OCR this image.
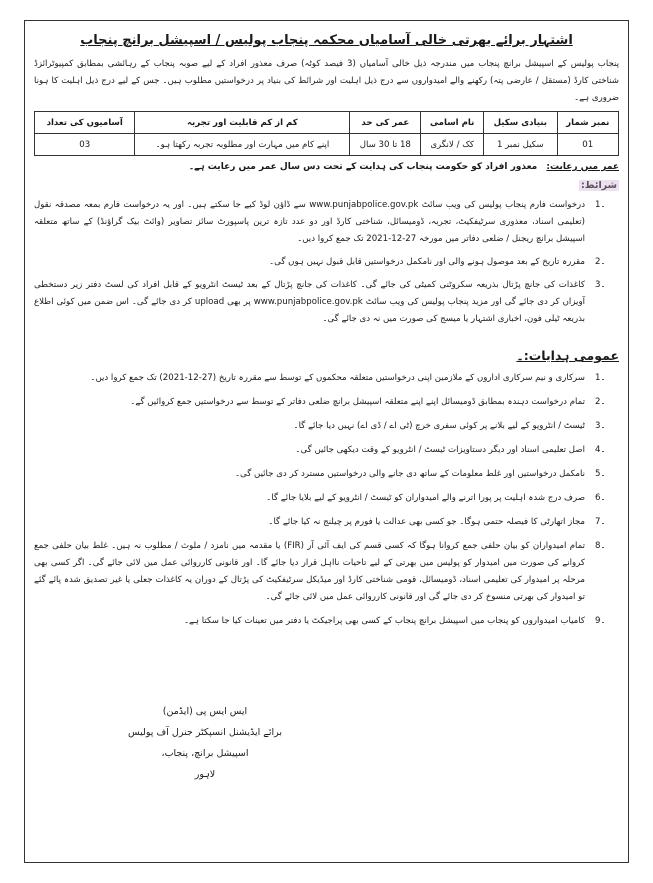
اشتہار برائے بھرتی خالی آسامیاں محکمہ پنجاب پولیس / اسپیشل برانچ پنجاب
پنجاب پولیس کے اسپیشل برانچ پنجاب میں مندرجہ ذیل خالی آسامیاں (3 فیصد کوٹہ) صرف معذور افراد کے لیے صوبہ پنجاب کے رہائشی بمطابق کمپیوٹرائزڈ شناختی کارڈ (مستقل / عارضی پتہ) رکھنے والے امیدواروں سے درج ذیل اہلیت اور شرائط کی بنیاد پر درخواستیں مطلوب ہیں۔ جس کے لیے درج ذیل اہلیت کا ہونا ضروری ہے۔
نمبر شمار	بنیادی سکیل	نام اسامی	عمر کی حد	کم از کم قابلیت اور تجربہ	آسامیوں کی تعداد
01	سکیل نمبر 1	کک / لانگری	18 تا 30 سال	اپنے کام میں مہارت اور مطلوبہ تجربہ رکھتا ہو۔	03
عمر میں رعایت: معذور افراد کو حکومت پنجاب کی ہدایت کے تحت دس سال عمر میں رعایت ہے۔
شرائط:
1۔
درخواست فارم پنجاب پولیس کی ویب سائٹ www.punjabpolice.gov.pk سے ڈاؤن لوڈ کیے جا سکتے ہیں۔ اور یہ درخواست فارم بمعہ مصدقہ نقول (تعلیمی اسناد، معذوری سرٹیفکیٹ، تجربہ، ڈومیسائل، شناختی کارڈ اور دو عدد تازہ ترین پاسپورٹ سائز تصاویر (وائٹ بیک گراؤنڈ) کے ساتھ متعلقہ اسپیشل برانچ ریجنل / ضلعی دفاتر میں مورخہ 27-12-2021 تک جمع کروا دیں۔
2۔
مقررہ تاریخ کے بعد موصول ہونے والی اور نامکمل درخواستیں قابل قبول نہیں ہوں گی۔
3۔
کاغذات کی جانچ پڑتال بذریعہ سکروٹنی کمیٹی کی جائے گی۔ کاغذات کی جانچ پڑتال کے بعد ٹیسٹ انٹرویو کے قابل افراد کی لسٹ دفتر زیر دستخطی آویزاں کر دی جائے گی اور مزید پنجاب پولیس کی ویب سائٹ www.punjabpolice.gov.pk پر بھی upload کر دی جائے گی۔ اس ضمن میں کوئی اطلاع بذریعہ ٹیلی فون، اخباری اشتہار یا میسج کی صورت میں نہ دی جائے گی۔
عمومی ہدایات:۔
1۔
سرکاری و نیم سرکاری اداروں کے ملازمین اپنی درخواستیں متعلقہ محکموں کے توسط سے مقررہ تاریخ (27-12-2021) تک جمع کروا دیں۔
2۔
تمام درخواست دہندہ بمطابق ڈومیسائل اپنے اپنے متعلقہ اسپیشل برانچ ضلعی دفاتر کے توسط سے درخواستیں جمع کروائیں گے۔
3۔
ٹیسٹ / انٹرویو کے لیے بلانے پر کوئی سفری خرچ (ٹی اے / ڈی اے) نہیں دیا جائے گا۔
4۔
اصل تعلیمی اسناد اور دیگر دستاویزات ٹیسٹ / انٹرویو کے وقت دیکھی جائیں گی۔
5۔
نامکمل درخواستیں اور غلط معلومات کے ساتھ دی جانے والی درخواستیں مسترد کر دی جائیں گی۔
6۔
صرف درج شدہ اہلیت پر پورا اترنے والے امیدواران کو ٹیسٹ / انٹرویو کے لیے بلایا جائے گا۔
7۔
مجاز اتھارٹی کا فیصلہ حتمی ہوگا۔ جو کسی بھی عدالت یا فورم پر چیلنج نہ کیا جائے گا۔
8۔
تمام امیدواران کو بیان حلفی جمع کروانا ہوگا کہ کسی قسم کی ایف آئی آر (FIR) یا مقدمہ میں نامزد / ملوث / مطلوب نہ ہیں۔ غلط بیان حلفی جمع کروانے کی صورت میں امیدوار کو پولیس میں بھرتی کے لیے تاحیات نااہل قرار دیا جائے گا۔ اور قانونی کارروائی عمل میں لائی جائے گی۔ اگر کسی بھی مرحلہ پر امیدوار کی تعلیمی اسناد، ڈومیسائل، قومی شناختی کارڈ اور میڈیکل سرٹیفکیٹ کی پڑتال کے دوران یہ کاغذات جعلی یا غیر تصدیق شدہ پائے گئے تو امیدوار کی بھرتی منسوخ کر دی جائے گی اور قانونی کارروائی عمل میں لائی جائے گی۔
9۔
کامیاب امیدواروں کو پنجاب میں اسپیشل برانچ پنجاب کے کسی بھی پراجیکٹ یا دفتر میں تعینات کیا جا سکتا ہے۔
ایس ایس پی (ایڈمن)
برائے ایڈیشنل انسپکٹر جنرل آف پولیس
اسپیشل برانچ، پنجاب،
لاہور
